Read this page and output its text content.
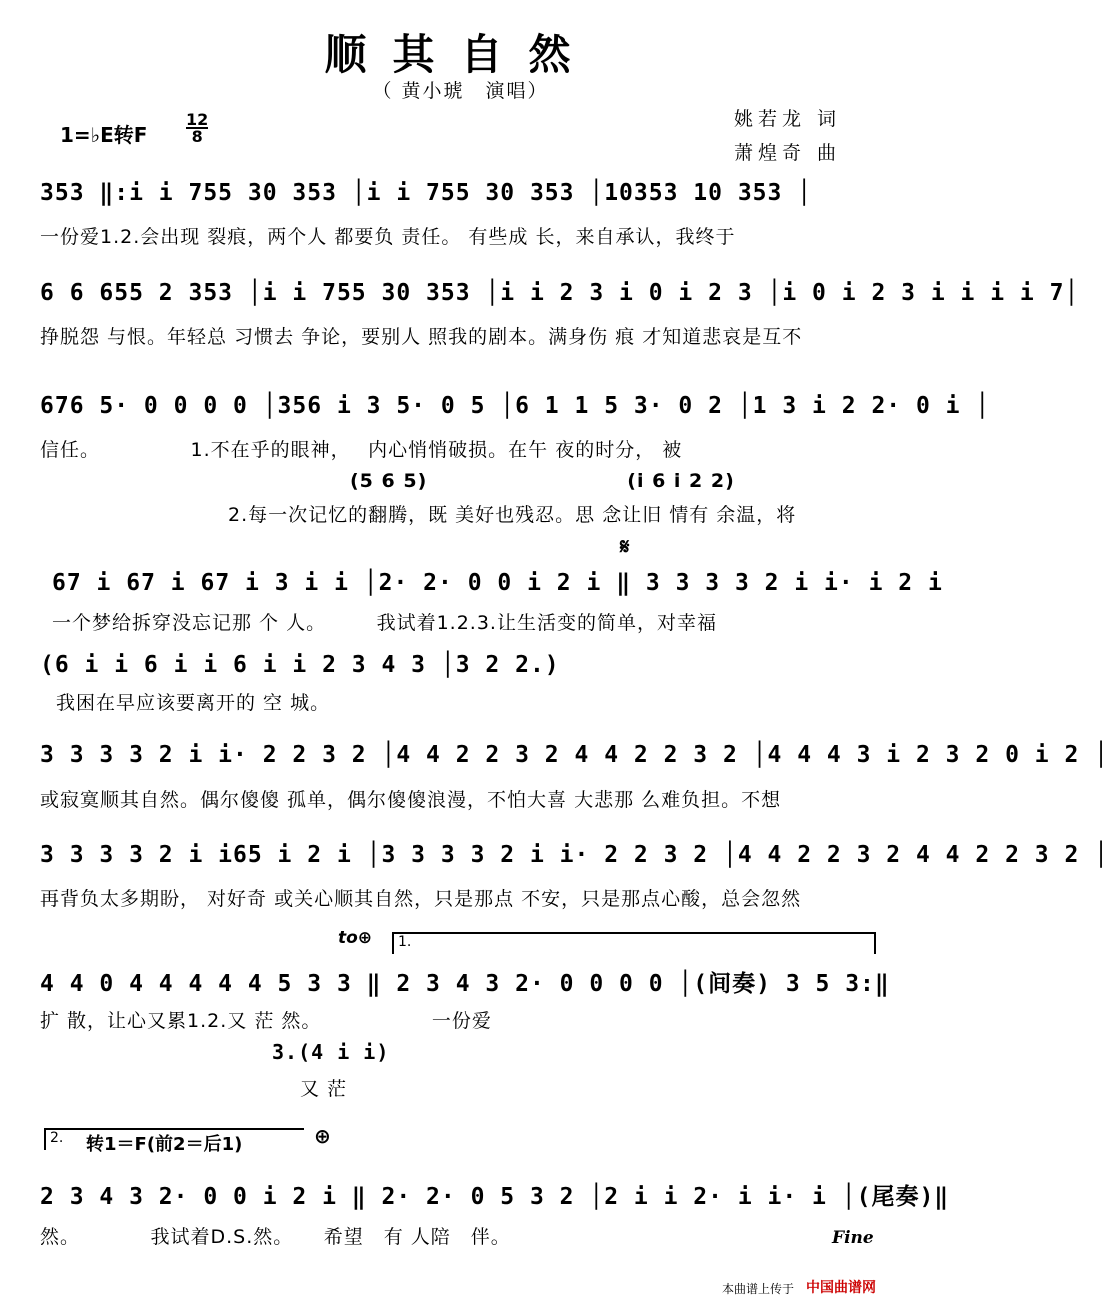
顺其自然
（ 黄小琥　演唱）
姚若龙 词
萧煌奇 曲
1=♭E转F $\frac{12}{8}$
353 ‖:i i 755 30 353 │i i 755 30 353 │10353 10 353 │
一份爱1.2.会出现 裂痕，两个人 都要负 责任。 有些成 长，来自承认，我终于
6 6 655 2 353 │i i 755 30 353 │i i 2 3 i 0 i 2 3 │i 0 i 2 3 i i i i 7│
挣脱怨 与恨。年轻总 习惯去 争论，要别人 照我的剧本。满身伤 痕 才知道悲哀是互不
676 5· 0 0 0 0 │356 i 3 5· 0 5 │6 1 1 5 3· 0 2 │1 3 i 2 2· 0 i │
信任。　　　　　1.不在乎的眼神，　 内心悄悄破损。在午 夜的时分， 被
(5 6 5)　　　　　　　　　　(i 6 i 2 2)
2.每一次记忆的翻腾，既 美好也残忍。思 念让旧 情有 余温，将
67 i 67 i 67 i 3 i i │2· 2· 0 0 i 2 i ‖ 3 3 3 3 2 i i· i 2 i
一个梦给拆穿没忘记那 个 人。　　　我试着1.2.3.让生活变的简单，对幸福
𝄋
(6 i i 6 i i 6 i i 2 3 4 3 │3 2 2.)
我困在早应该要离开的 空 城。
3 3 3 3 2 i i· 2 2 3 2 │4 4 2 2 3 2 4 4 2 2 3 2 │4 4 4 3 i 2 3 2 0 i 2 │
或寂寞顺其自然。偶尔傻傻 孤单，偶尔傻傻浪漫，不怕大喜 大悲那 么难负担。不想
3 3 3 3 2 i i65 i 2 i │3 3 3 3 2 i i· 2 2 3 2 │4 4 2 2 3 2 4 4 2 2 3 2 │
再背负太多期盼， 对好奇 或关心顺其自然，只是那点 不安，只是那点心酸，总会忽然
to⊕ 1.
4 4 0 4 4 4 4 4 5 3 3 ‖ 2 3 4 3 2· 0 0 0 0 │(间奏) 3 5 3:‖
扩 散，让心又累1.2.又 茫 然。　　　　　　一份爱
3.(4 i i)
又 茫
2. 转1＝F(前2＝后1)	⊕
2 3 4 3 2· 0 0 i 2 i ‖ 2· 2· 0 5 3 2 │2 i i 2· i i· i │(尾奏)‖
然。　　　　我试着D.S.然。　　希望　有 人陪　伴。	Fine
本曲谱上传于 中国曲谱网
